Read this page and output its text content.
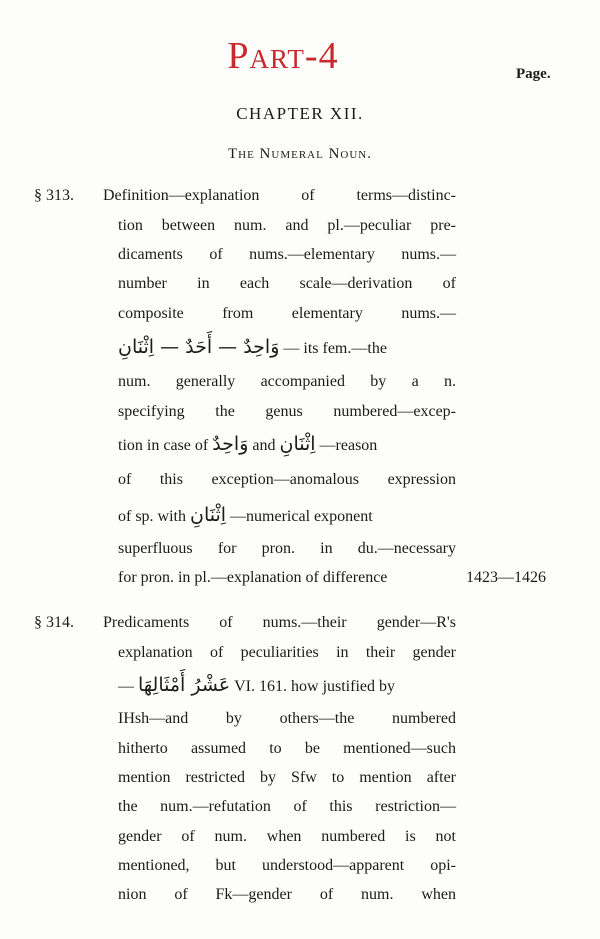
Part-4	Page.
CHAPTER XII.
The Numeral Noun.
§ 313. Definition—explanation of terms—distinc-
tion between num. and pl.—peculiar pre-
dicaments of nums.—elementary nums.—
number in each scale—derivation of
composite from elementary nums.—
وَاحِدٌ — أَحَدٌ — اِثْنَانِ — its fem.—the
num. generally accompanied by a n.
specifying the genus numbered—excep-
tion in case of وَاحِدٌ and اِثْنَانِ —reason
of this exception—anomalous expression
of sp. with اِثْنَانِ —numerical exponent
superfluous for pron. in du.—necessary
for pron. in pl.—explanation of difference	1423—1426
§ 314. Predicaments of nums.—their gender—R's
explanation of peculiarities in their gender
— عَشْرُ أَمْثَالِهَا VI. 161. how justified by
IHsh—and by others—the numbered
hitherto assumed to be mentioned—such
mention restricted by Sfw to mention after
the num.—refutation of this restriction—
gender of num. when numbered is not
mentioned, but understood—apparent opi-
nion of Fk—gender of num. when
